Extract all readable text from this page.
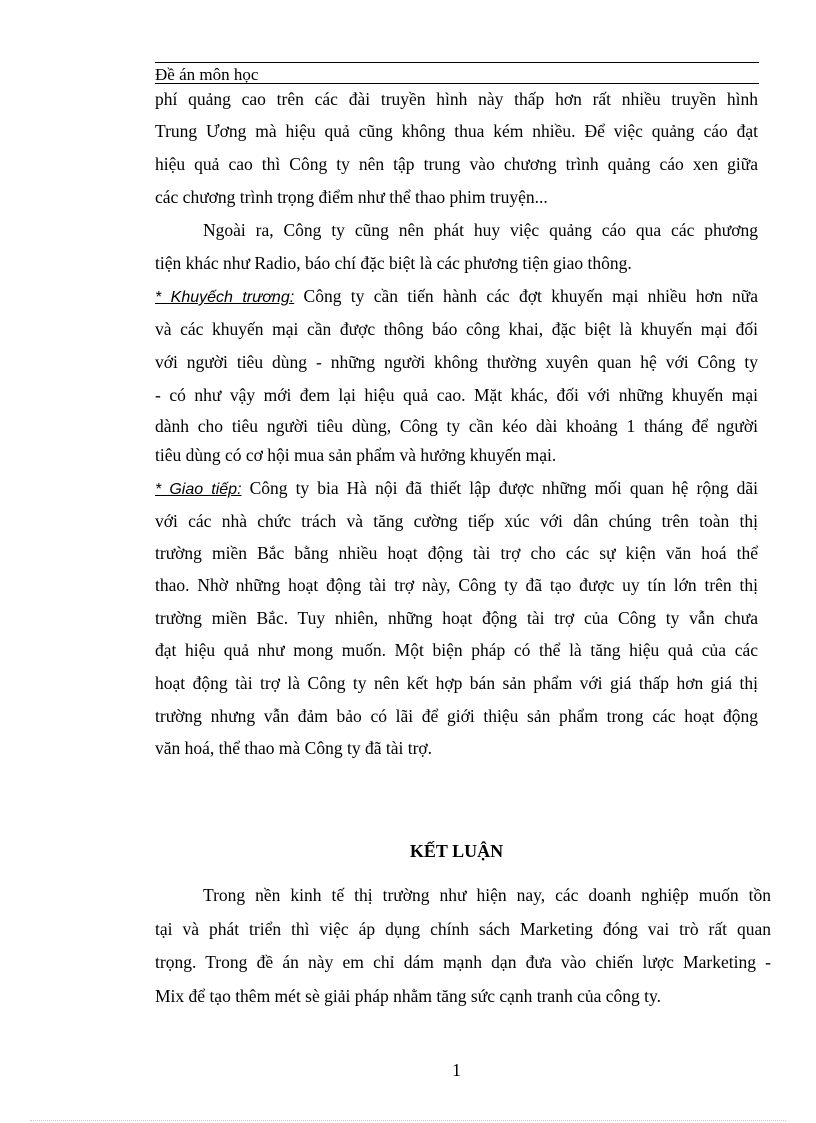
Đề án môn học
phí quảng cao trên các đài truyền hình này thấp hơn rất nhiều truyền hình
Trung Ương mà hiệu quả cũng không thua kém nhiều. Để việc quảng cáo đạt
hiệu quả cao thì Công ty nên tập trung vào chương trình quảng cáo xen giữa
các chương trình trọng điểm như thể thao phim truyện...
Ngoài ra, Công ty cũng nên phát huy việc quảng cáo qua các phương
tiện khác như Radio, báo chí đặc biệt là các phương tiện giao thông.
* Khuyếch trương: Công ty cần tiến hành các đợt khuyến mại nhiều hơn nữa
và các khuyến mại cần được thông báo công khai, đặc biệt là khuyến mại đối
với người tiêu dùng - những người không thường xuyên quan hệ với Công ty
- có như vậy mới đem lại hiệu quả cao. Mặt khác, đối với những khuyến mại
dành cho tiêu người tiêu dùng, Công ty cần kéo dài khoảng 1 tháng để người
tiêu dùng có cơ hội mua sản phẩm và hưởng khuyến mại.
* Giao tiếp: Công ty bia Hà nội đã thiết lập được những mối quan hệ rộng dãi
với các nhà chức trách và tăng cường tiếp xúc với dân chúng trên toàn thị
trường miền Bắc bằng nhiều hoạt động tài trợ cho các sự kiện văn hoá thể
thao. Nhờ những hoạt động tài trợ này, Công ty đã tạo được uy tín lớn trên thị
trường miền Bắc. Tuy nhiên, những hoạt động tài trợ của Công ty vẫn chưa
đạt hiệu quả như mong muốn. Một biện pháp có thể là tăng hiệu quả của các
hoạt động tài trợ là Công ty nên kết hợp bán sản phẩm với giá thấp hơn giá thị
trường nhưng vẫn đảm bảo có lãi để giới thiệu sản phẩm trong các hoạt động
văn hoá, thể thao mà Công ty đã tài trợ.
KẾT LUẬN
Trong nền kinh tế thị trường như hiện nay, các doanh nghiệp muốn tồn
tại và phát triển thì việc áp dụng chính sách Marketing đóng vai trò rất quan
trọng. Trong đề án này em chỉ dám mạnh dạn đưa vào chiến lược Marketing -
Mix để tạo thêm mét sè giải pháp nhằm tăng sức cạnh tranh của công ty.
1
